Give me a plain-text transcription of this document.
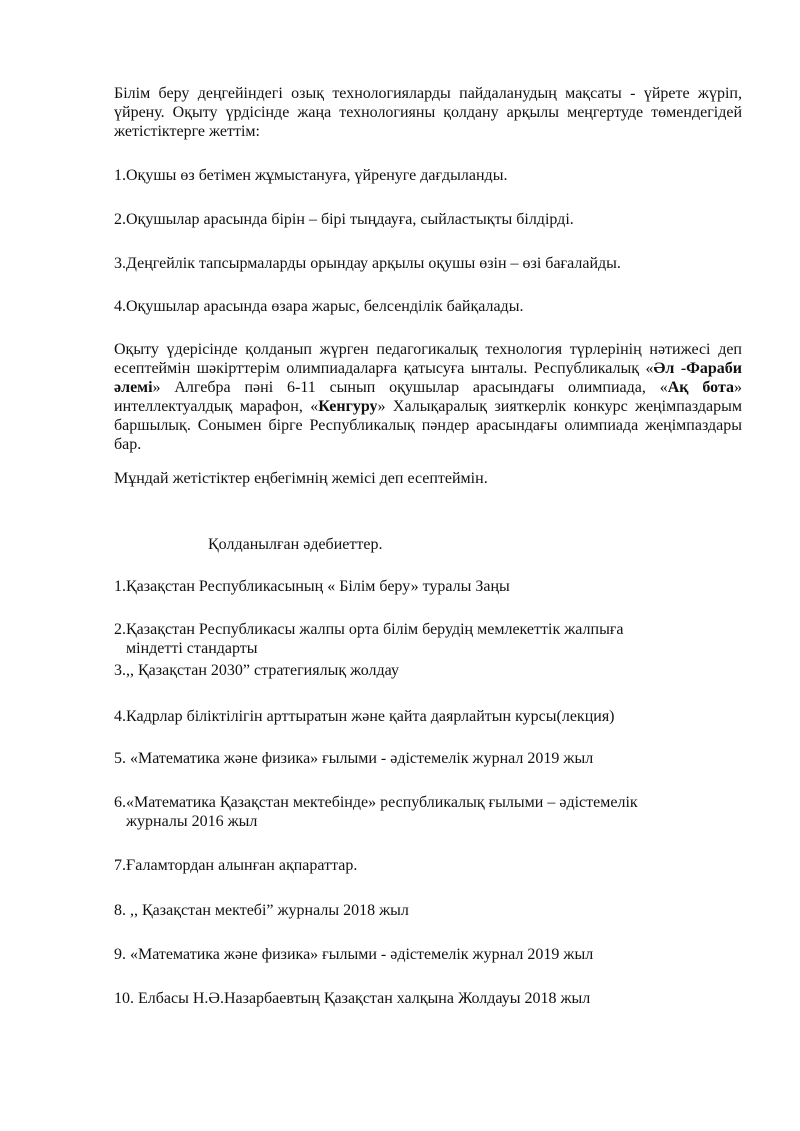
Білім беру деңгейіндегі озық технологияларды пайдаланудың мақсаты - үйрете жүріп, үйрену. Оқыту үрдісінде жаңа технологияны қолдану арқылы меңгертуде төмендегідей жетістіктерге жеттім:

1.Оқушы өз бетімен жұмыстануға, үйренуге дағдыланды.

2.Оқушылар арасында бірін – бірі тыңдауға, сыйластықты білдірді.

3.Деңгейлік тапсырмаларды орындау арқылы оқушы өзін – өзі бағалайды.

4.Оқушылар арасында өзара жарыс, белсенділік байқалады.

Оқыту үдерісінде қолданып жүрген педагогикалық технология түрлерінің нәтижесі деп есептеймін шәкірттерім олимпиадаларға қатысуға ынталы. Республикалық «Әл -Фараби әлемі» Алгебра пәні 6-11 сынып оқушылар арасындағы олимпиада, «Ақ бота» интеллектуалдық марафон, «Кенгуру» Халықаралық зияткерлік конкурс жеңімпаздарым баршылық. Сонымен бірге Республикалық пәндер арасындағы олимпиада жеңімпаздары бар.

Мұндай жетістіктер еңбегімнің жемісі деп есептеймін.

Қолданылған әдебиеттер.

1.Қазақстан Республикасының « Білім беру» туралы Заңы
2.Қазақстан Республикасы жалпы орта білім берудің мемлекеттік жалпыға
міндетті стандарты
3.,, Қазақстан 2030” стратегиялық жолдау
4.Кадрлар біліктілігін арттыратын және қайта даярлайтын курсы(лекция)
5. «Математика және физика» ғылыми - әдістемелік журнал 2019 жыл
6.«Математика Қазақстан мектебінде» республикалық ғылыми – әдістемелік
журналы 2016 жыл
7.Ғаламтордан алынған ақпараттар.
8. ,, Қазақстан мектебі” журналы 2018 жыл
9. «Математика және физика» ғылыми - әдістемелік журнал 2019 жыл
10. Елбасы Н.Ә.Назарбаевтың Қазақстан халқына Жолдауы 2018 жыл
